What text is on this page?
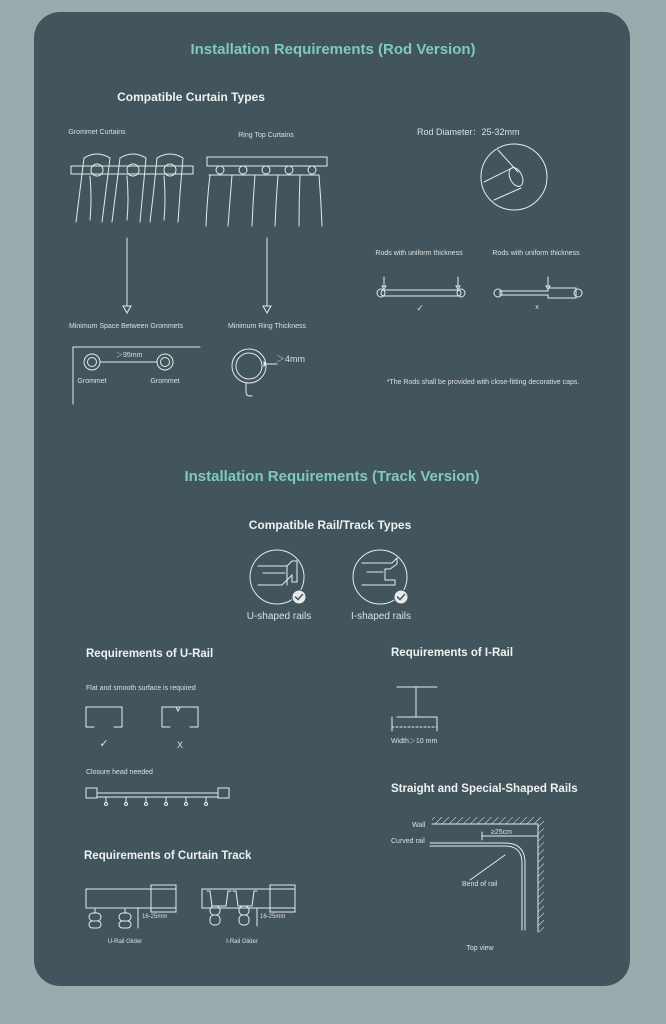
Installation Requirements (Rod Version)
Compatible Curtain Types
Grommet Curtains	Ring Top Curtains
Minimum Space Between Grommets
＞95mm
Grommet	Grommet
Minimum Ring Thickness
＞4mm
Rod Diameter：25-32mm
Rods with uniform thickness	Rods with uniform thickness
✓	x
*The Rods shall be provided with close-fitting decorative caps.
Installation Requirements (Track Version)
Compatible Rail/Track Types
U-shaped rails	I-shaped rails
Requirements of U-Rail
Flat and smooth surface is required
✓	X
Closure head needed
Requirements of I-Rail
Width＞10 mm
Straight and Special-Shaped Rails
Wall
Curved rail
≥25cm
Bend of rail
Top view
Requirements of Curtain Track
16-25mm	16-25mm
U-Rail Glider	I-Rail Glider
